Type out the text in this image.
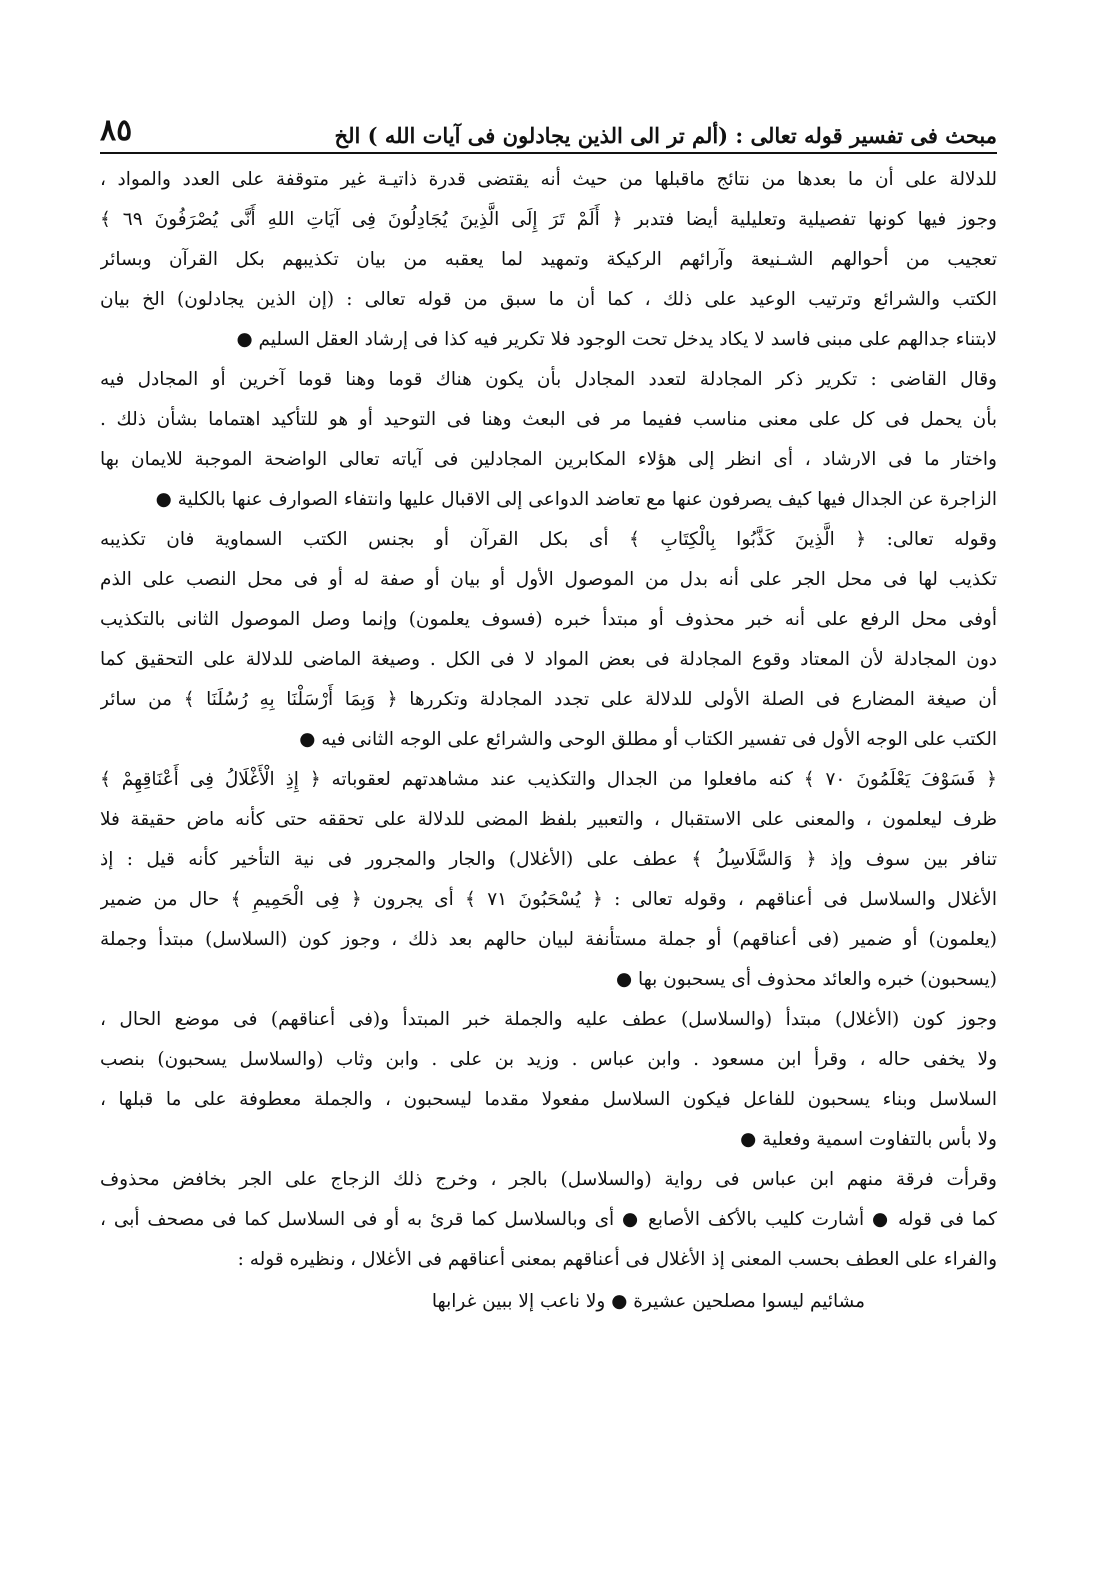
مبحث فى تفسير قوله تعالى : (ألم تر الى الذين يجادلون فى آيات الله ) الخ
٨٥
للدلالة على أن ما بعدها من نتائج ماقبلها من حيث أنه يقتضى قدرة ذاتيـة غير متوقفة على العدد والمواد ،
وجوز فيها كونها تفصيلية وتعليلية أيضا فتدبر ﴿ أَلَمْ تَرَ إِلَى الَّذِينَ يُجَادِلُونَ فِى آيَاتِ اللهِ أَنَّى يُصْرَفُونَ ٦٩ ﴾
تعجيب من أحوالهم الشـنيعة وآرائهم الركيكة وتمهيد لما يعقبه من بيان تكذيبهم بكل القرآن وبسائر
الكتب والشرائع وترتيب الوعيد على ذلك ، كما أن ما سبق من قوله تعالى : (إن الذين يجادلون) الخ بيان
لابتناء جدالهم على مبنى فاسد لا يكاد يدخل تحت الوجود فلا تكرير فيه كذا فى إرشاد العقل السليم ●
وقال القاضى : تكرير ذكر المجادلة لتعدد المجادل بأن يكون هناك قوما وهنا قوما آخرين أو المجادل فيه
بأن يحمل فى كل على معنى مناسب ففيما مر فى البعث وهنا فى التوحيد أو هو للتأكيد اهتماما بشأن ذلك .
واختار ما فى الارشاد ، أى انظر إلى هؤلاء المكابرين المجادلين فى آياته تعالى الواضحة الموجبة للايمان بها
الزاجرة عن الجدال فيها كيف يصرفون عنها مع تعاضد الدواعى إلى الاقبال عليها وانتفاء الصوارف عنها بالكلية ●
وقوله تعالى: ﴿ الَّذِينَ كَذَّبُوا بِالْكِتَابِ ﴾ أى بكل القرآن أو بجنس الكتب السماوية فان تكذيبه
تكذيب لها فى محل الجر على أنه بدل من الموصول الأول أو بيان أو صفة له أو فى محل النصب على الذم
أوفى محل الرفع على أنه خبر محذوف أو مبتدأ خبره (فسوف يعلمون) وإنما وصل الموصول الثانى بالتكذيب
دون المجادلة لأن المعتاد وقوع المجادلة فى بعض المواد لا فى الكل . وصيغة الماضى للدلالة على التحقيق كما
أن صيغة المضارع فى الصلة الأولى للدلالة على تجدد المجادلة وتكررها ﴿ وَبِمَا أَرْسَلْنَا بِهِ رُسُلَنَا ﴾ من سائر
الكتب على الوجه الأول فى تفسير الكتاب أو مطلق الوحى والشرائع على الوجه الثانى فيه ●
﴿ فَسَوْفَ يَعْلَمُونَ ٧٠ ﴾ كنه مافعلوا من الجدال والتكذيب عند مشاهدتهم لعقوباته ﴿ إِذِ الْأَغْلَالُ فِى أَعْنَاقِهِمْ ﴾
ظرف ليعلمون ، والمعنى على الاستقبال ، والتعبير بلفظ المضى للدلالة على تحققه حتى كأنه ماض حقيقة فلا
تنافر بين سوف وإذ ﴿ وَالسَّلَاسِلُ ﴾ عطف على (الأغلال) والجار والمجرور فى نية التأخير كأنه قيل : إذ
الأغلال والسلاسل فى أعناقهم ، وقوله تعالى : ﴿ يُسْحَبُونَ ٧١ ﴾ أى يجرون ﴿ فِى الْحَمِيمِ ﴾ حال من ضمير
(يعلمون) أو ضمير (فى أعناقهم) أو جملة مستأنفة لبيان حالهم بعد ذلك ، وجوز كون (السلاسل) مبتدأ وجملة
(يسحبون) خبره والعائد محذوف أى يسحبون بها ●
وجوز كون (الأغلال) مبتدأ (والسلاسل) عطف عليه والجملة خبر المبتدأ و(فى أعناقهم) فى موضع الحال ،
ولا يخفى حاله ، وقرأ ابن مسعود . وابن عباس . وزيد بن على . وابن وثاب (والسلاسل يسحبون) بنصب
السلاسل وبناء يسحبون للفاعل فيكون السلاسل مفعولا مقدما ليسحبون ، والجملة معطوفة على ما قبلها ،
ولا بأس بالتفاوت اسمية وفعلية ●
وقرأت فرقة منهم ابن عباس فى رواية (والسلاسل) بالجر ، وخرج ذلك الزجاج على الجر بخافض محذوف
كما فى قوله ● أشارت كليب بالأكف الأصابع ● أى وبالسلاسل كما قرئ به أو فى السلاسل كما فى مصحف أبى ،
والفراء على العطف بحسب المعنى إذ الأغلال فى أعناقهم بمعنى أعناقهم فى الأغلال ، ونظيره قوله :
مشائيم ليسوا مصلحين عشيرة ● ولا ناعب إلا ببين غرابها
